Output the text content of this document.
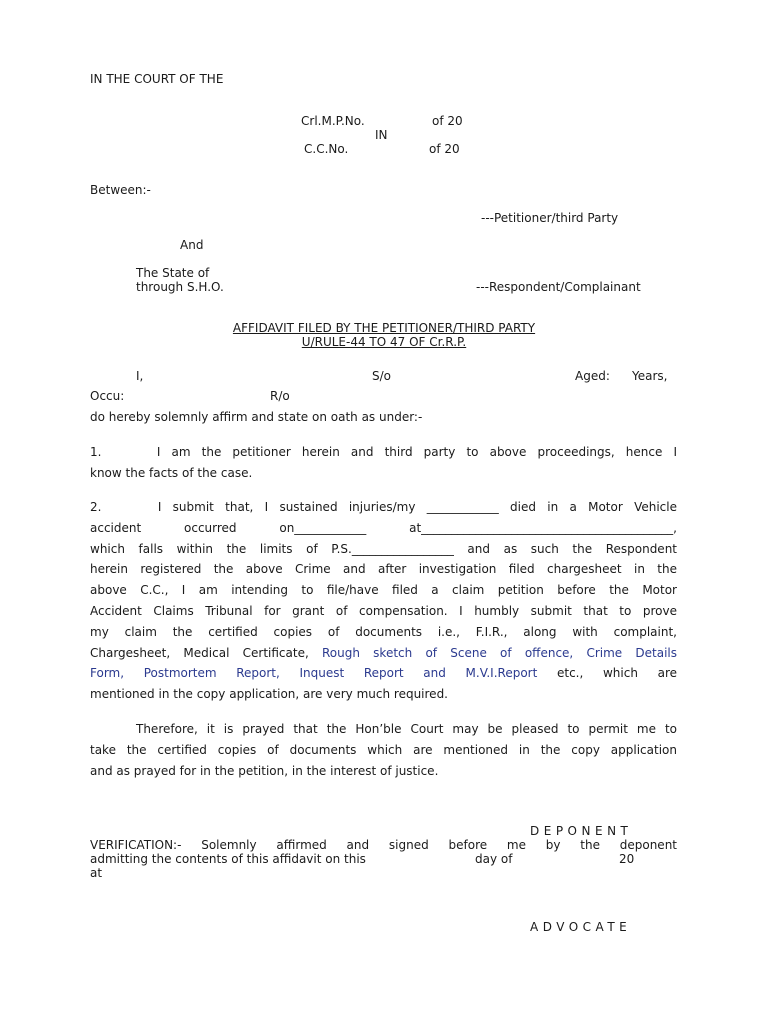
IN THE COURT OF THE
Crl.M.P.No.	of 20
IN
C.C.No.	of 20
Between:-
---Petitioner/third Party
And
The State of
through S.H.O.	---Respondent/Complainant
AFFIDAVIT FILED BY THE PETITIONER/THIRD PARTY
U/RULE-44 TO 47 OF Cr.R.P.
I,	S/o	Aged: Years,
Occu:	R/o
do hereby solemnly affirm and state on oath as under:-
1.     I am the petitioner herein and third party to above proceedings, hence I
know the facts of the case.
2.     I submit that, I sustained injuries/my ____________ died in a Motor Vehicle
accident occurred on____________ at__________________________________________,
which falls within the limits of P.S._________________ and as such the Respondent
herein registered the above Crime and after investigation filed chargesheet in the
above C.C., I am intending to file/have filed a claim petition before the Motor
Accident Claims Tribunal for grant of compensation. I humbly submit that to prove
my claim the certified copies of documents i.e., F.I.R., along with complaint,
Chargesheet, Medical Certificate, Rough sketch of Scene of offence, Crime Details
Form, Postmortem Report, Inquest Report and M.V.I.Report etc., which are
mentioned in the copy application, are very much required.
Therefore, it is prayed that the Hon’ble Court may be pleased to permit me to
take the certified copies of documents which are mentioned in the copy application
and as prayed for in the petition, in the interest of justice.
DEPONENT
VERIFICATION:- Solemnly affirmed and signed before me by the deponent
admitting the contents of this affidavit on this	day of	20
at
ADVOCATE
